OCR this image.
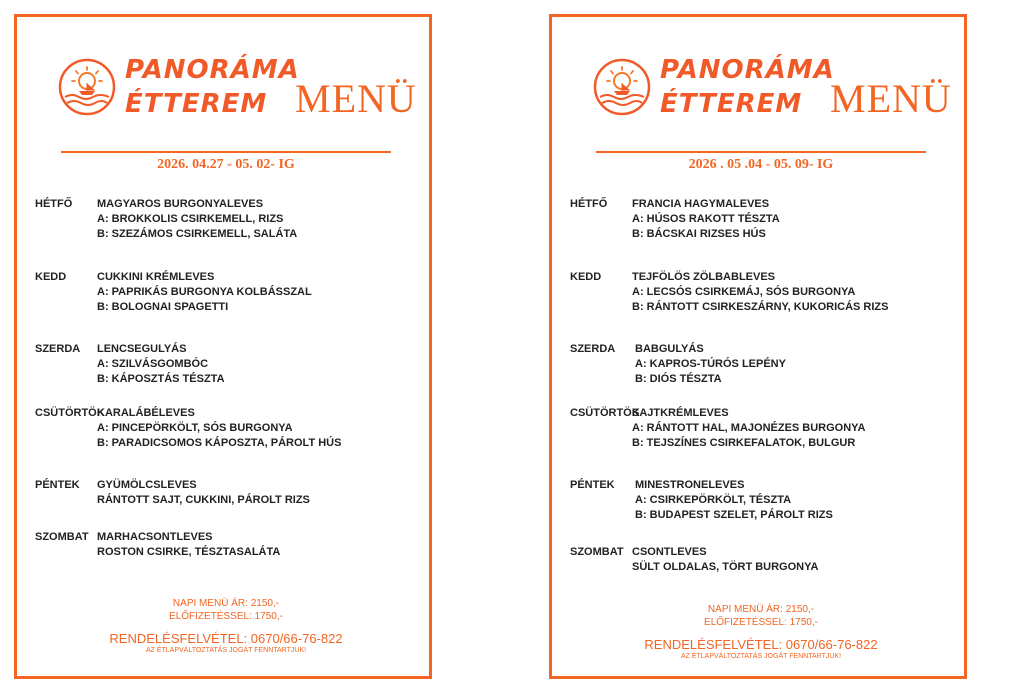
PANORÁMA
ÉTTEREM MENÜ
2026. 04.27 - 05. 02- IG
HÉTFŐ MAGYAROS BURGONYALEVES
A: BROKKOLIS CSIRKEMELL, RIZS
B: SZEZÁMOS CSIRKEMELL, SALÁTA
KEDD	CUKKINI KRÉMLEVES
A: PAPRIKÁS BURGONYA KOLBÁSSZAL
B: BOLOGNAI SPAGETTI
SZERDA LENCSEGULYÁS
A: SZILVÁSGOMBÓC
B: KÁPOSZTÁS TÉSZTA
CSÜTÖRTÖK
KARALÁBÉLEVES
A: PINCEPÖRKÖLT, SÓS BURGONYA
B: PARADICSOMOS KÁPOSZTA, PÁROLT HÚS
PÉNTEK GYÜMÖLCSLEVES
RÁNTOTT SAJT, CUKKINI, PÁROLT RIZS
SZOMBAT MARHACSONTLEVES
ROSTON CSIRKE, TÉSZTASALÁTA
NAPI MENÜ ÁR: 2150,-
ELŐFIZETÉSSEL: 1750,-
RENDELÉSFELVÉTEL: 0670/66-76-822
AZ ÉTLAPVÁLTOZTATÁS JOGÁT FENNTARTJUK!
PANORÁMA
ÉTTEREM MENÜ
2026 . 05 .04 - 05. 09- IG
HÉTFŐ FRANCIA HAGYMALEVES
A: HÚSOS RAKOTT TÉSZTA
B: BÁCSKAI RIZSES HÚS
KEDD	TEJFÖLÖS ZÖLBABLEVES
A: LECSÓS CSIRKEMÁJ, SÓS BURGONYA
B: RÁNTOTT CSIRKESZÁRNY, KUKORICÁS RIZS
SZERDA BABGULYÁS
A: KAPROS-TÚRÓS LEPÉNY
B: DIÓS TÉSZTA
CSÜTÖRTÖK
SAJTKRÉMLEVES
A: RÁNTOTT HAL, MAJONÉZES BURGONYA
B: TEJSZÍNES CSIRKEFALATOK, BULGUR
PÉNTEK MINESTRONELEVES
A: CSIRKEPÖRKÖLT, TÉSZTA
B: BUDAPEST SZELET, PÁROLT RIZS
SZOMBAT CSONTLEVES
SÜLT OLDALAS, TÖRT BURGONYA
NAPI MENÜ ÁR: 2150,-
ELŐFIZETÉSSEL: 1750,-
RENDELÉSFELVÉTEL: 0670/66-76-822
AZ ÉTLAPVÁLTOZTATÁS JOGÁT FENNTARTJUK!
